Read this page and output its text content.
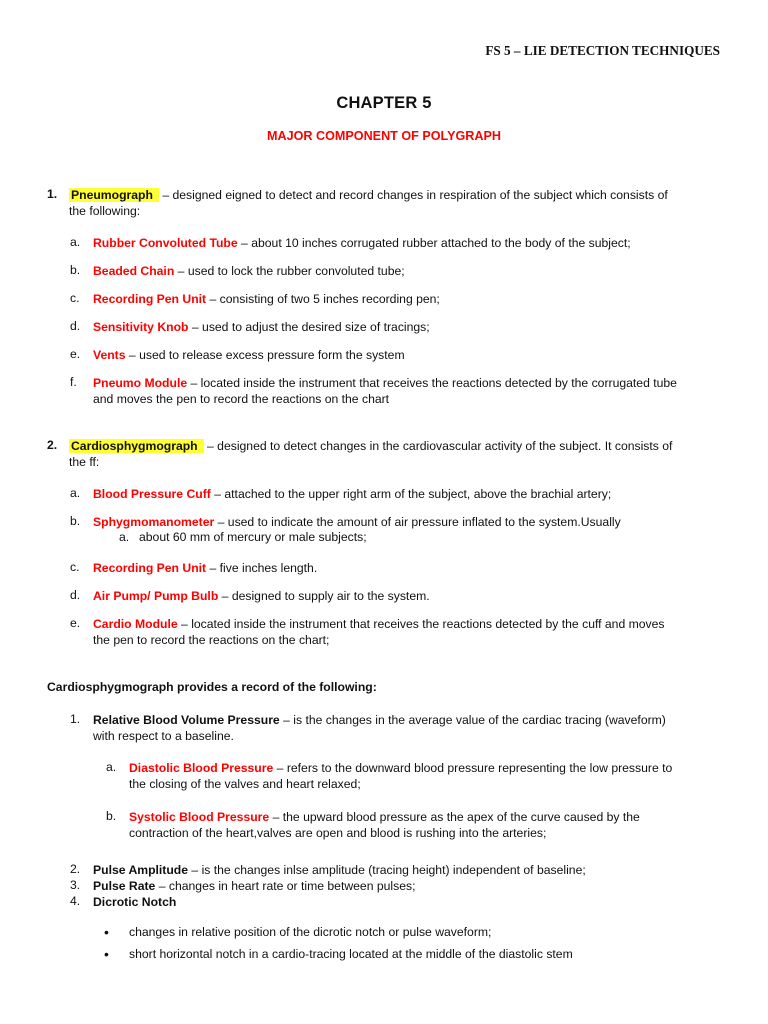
FS 5 – LIE DETECTION TECHNIQUES
CHAPTER 5
MAJOR COMPONENT OF POLYGRAPH
1. Pneumograph – designed eigned to detect and record changes in respiration of the subject which consists of
the following:
a.	Rubber Convoluted Tube – about 10 inches corrugated rubber attached to the body of the subject;
b.	Beaded Chain – used to lock the rubber convoluted tube;
c.	Recording Pen Unit – consisting of two 5 inches recording pen;
d.	Sensitivity Knob – used to adjust the desired size of tracings;
e.	Vents – used to release excess pressure form the system
f.	Pneumo Module – located inside the instrument that receives the reactions detected by the corrugated tube
and moves the pen to record the reactions on the chart
2. Cardiosphygmograph – designed to detect changes in the cardiovascular activity of the subject. It consists of
the ff:
a.	Blood Pressure Cuff – attached to the upper right arm of the subject, above the brachial artery;
b.	Sphygmomanometer – used to indicate the amount of air pressure inflated to the system.Usually
a. about 60 mm of mercury or male subjects;
c.	Recording Pen Unit – five inches length.
d.	Air Pump/ Pump Bulb – designed to supply air to the system.
e.	Cardio Module – located inside the instrument that receives the reactions detected by the cuff and moves
the pen to record the reactions on the chart;
Cardiosphygmograph provides a record of the following:
1.	Relative Blood Volume Pressure – is the changes in the average value of the cardiac tracing (waveform)
with respect to a baseline.
a. Diastolic Blood Pressure – refers to the downward blood pressure representing the low pressure to
the closing of the valves and heart relaxed;
b. Systolic Blood Pressure – the upward blood pressure as the apex of the curve caused by the
contraction of the heart,valves are open and blood is rushing into the arteries;
2.	Pulse Amplitude – is the changes inlse amplitude (tracing height) independent of baseline;
3.	Pulse Rate – changes in heart rate or time between pulses;
4.	Dicrotic Notch
• changes in relative position of the dicrotic notch or pulse waveform;
• short horizontal notch in a cardio-tracing located at the middle of the diastolic stem
